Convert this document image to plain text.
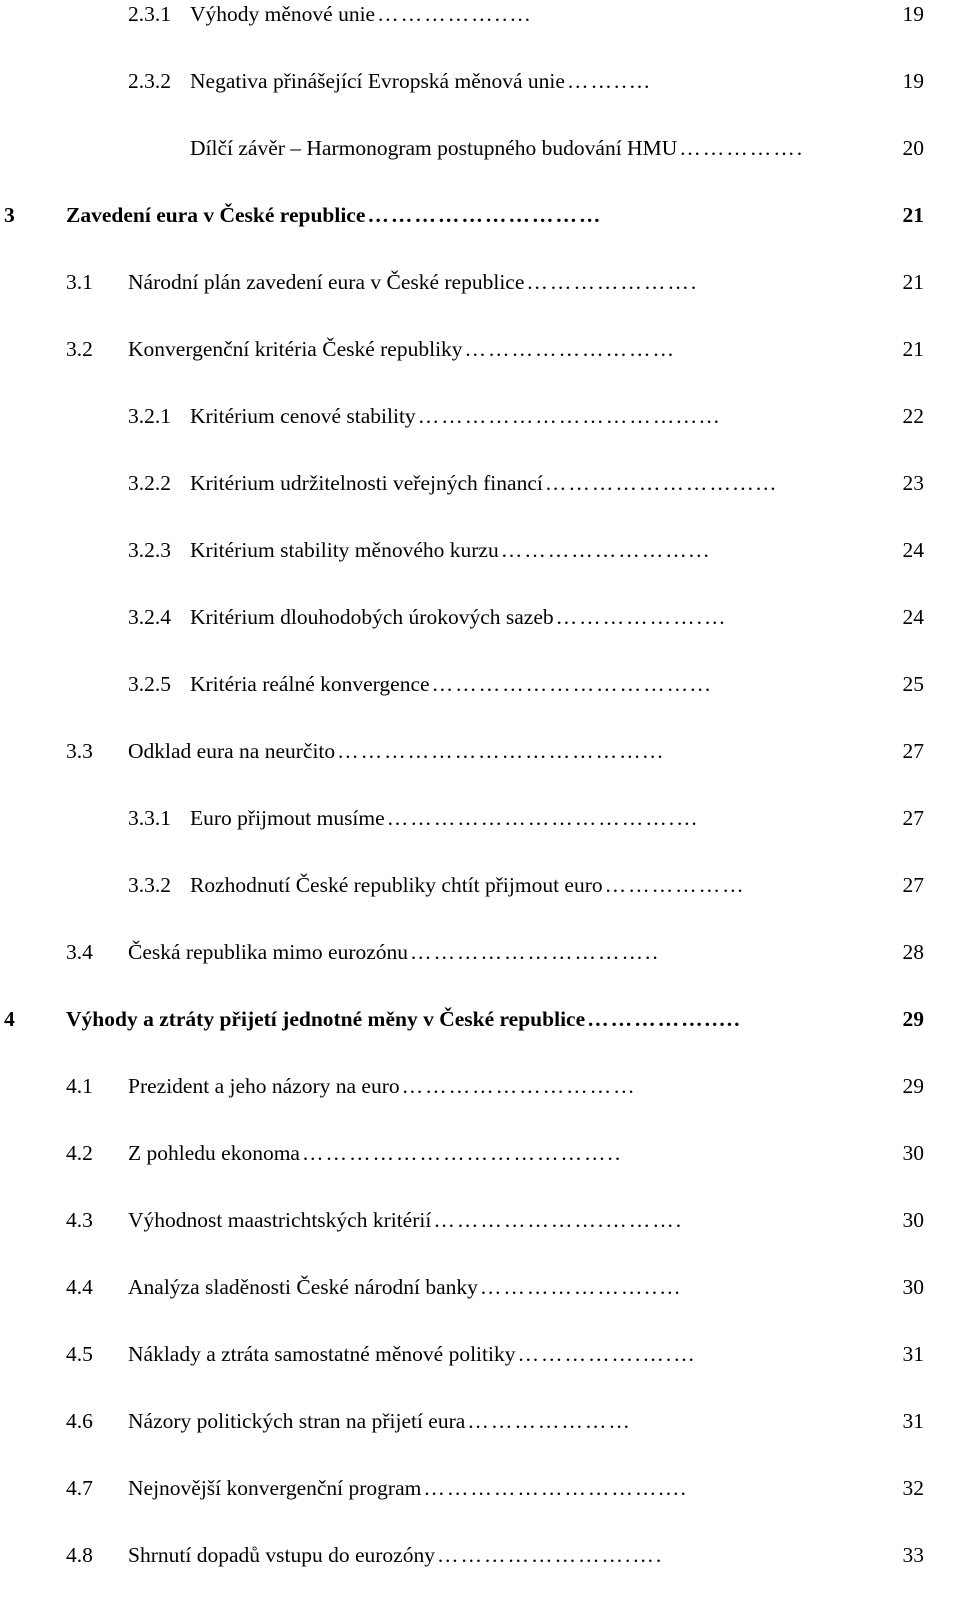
2.3.1 Výhody měnové unie ……………..…	19
2.3.2 Negativa přinášející Evropská měnová unie ……..…	19
Dílčí závěr – Harmonogram postupného budování HMU …………….	20
3 Zavedení eura v České republice …………………………	21
3.1 Národní plán zavedení eura v České republice ………………….	21
3.2 Konvergenční kritéria České republiky ………………………	21
3.2.1 Kritérium cenové stability ……………………………...…	22
3.2.2 Kritérium udržitelnosti veřejných financí ……………………...…	23
3.2.3 Kritérium stability měnového kurzu ……………………...	24
3.2.4 Kritérium dlouhodobých úrokových sazeb ……………….…	24
3.2.5 Kritéria reálné konvergence ……………………………...	25
3.3 Odklad eura na neurčito …………………………………...	27
3.3.1 Euro přijmout musíme ……………………………….…	27
3.3.2 Rozhodnutí České republiky chtít přijmout euro ………………	27
3.4 Česká republika mimo eurozónu …………………………..	28
4 Výhody a ztráty přijetí jednotné měny v České republice …………….....	29
4.1 Prezident a jeho názory na euro …………………………	29
4.2 Z pohledu ekonoma …………………………………..	30
4.3 Výhodnost maastrichtských kritérií ………………….……….	30
4.4 Analýza sladěnosti České národní banky …………………..…	30
4.5 Náklady a ztráta samostatné měnové politiky …………….….…	31
4.6 Názory politických stran na přijetí eura …………………	31
4.7 Nejnovější konvergenční program …………………………....	32
4.8 Shrnutí dopadů vstupu do eurozóny …………………….….	33
